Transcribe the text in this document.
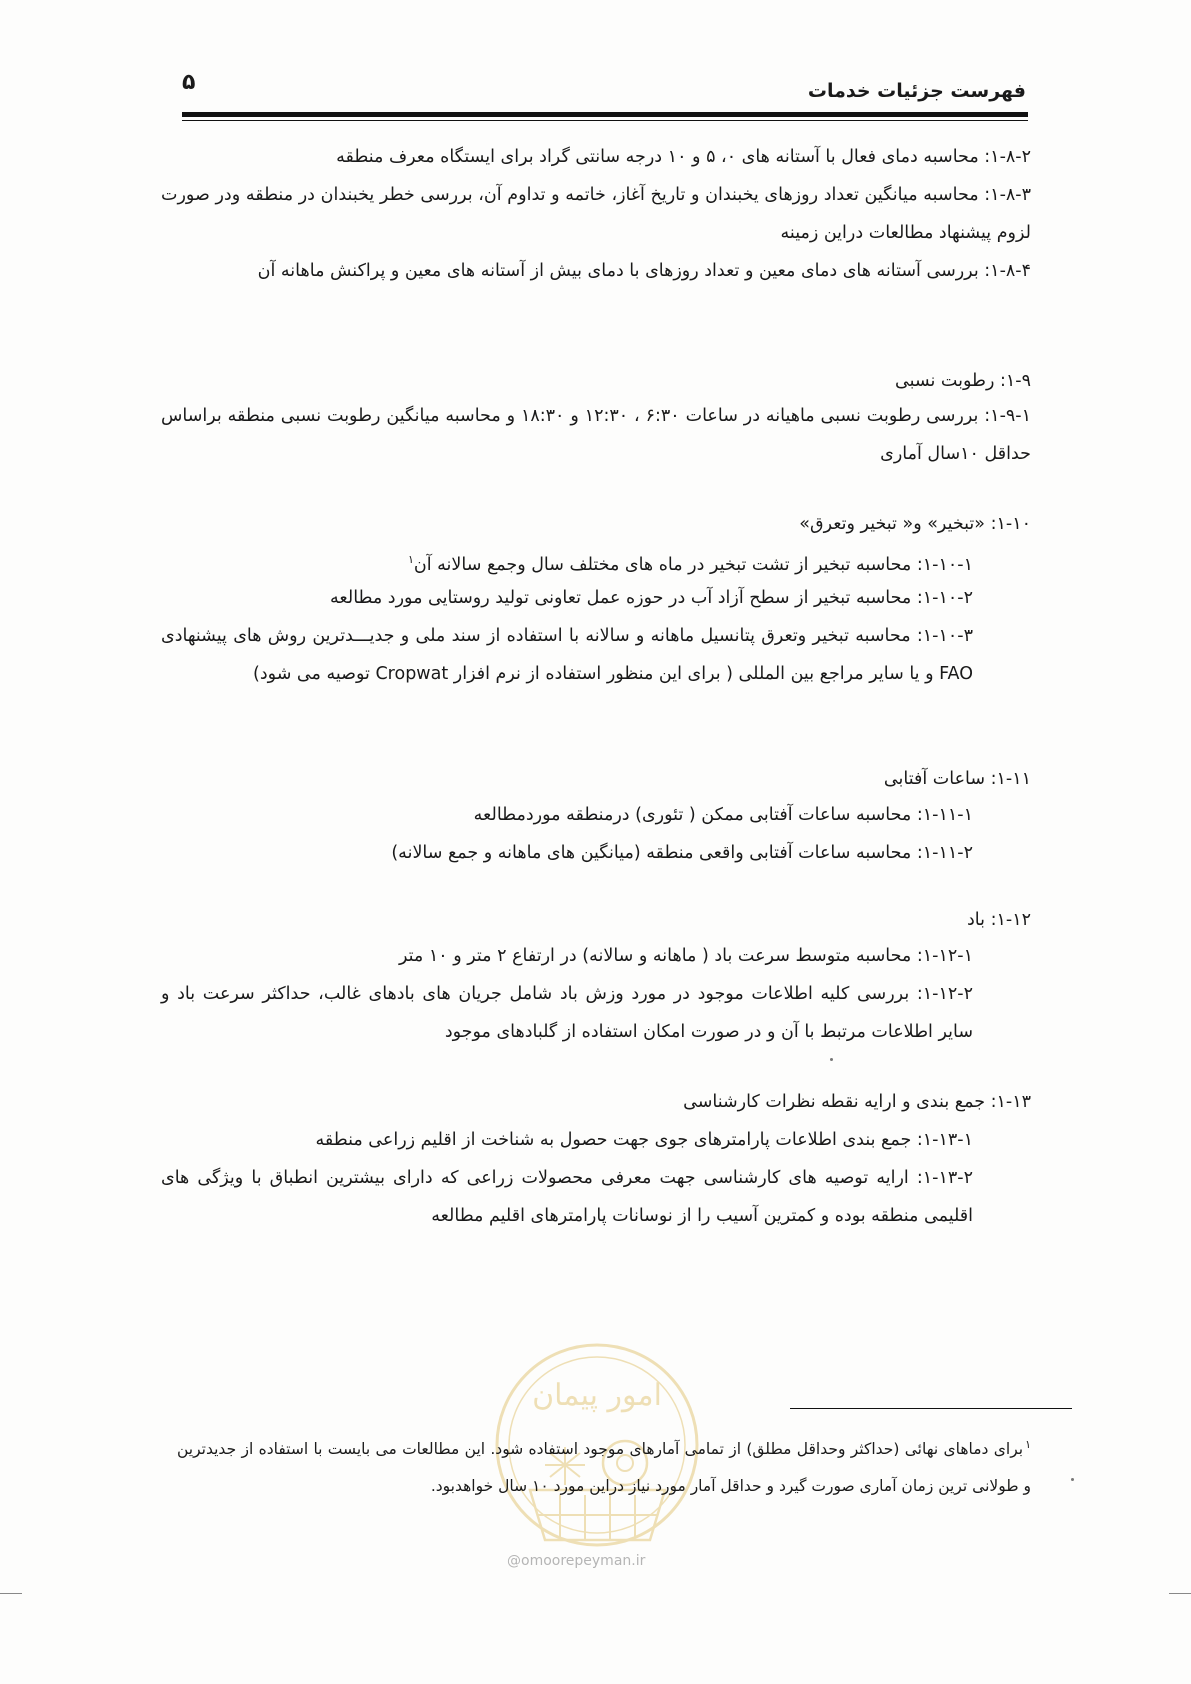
فهرست جزئیات خدمات
۵

۱-۸-۲: محاسبه دمای فعال با آستانه های ۰، ۵ و ۱۰ درجه سانتی گراد برای ایستگاه معرف منطقه

۱-۸-۳: محاسبه میانگین تعداد روزهای یخبندان و تاریخ آغاز، خاتمه و تداوم آن، بررسی خطر یخبندان در منطقه ودر صورت لزوم پیشنهاد مطالعات دراین زمینه

۱-۸-۴: بررسی آستانه های دمای معین و تعداد روزهای با دمای بیش از آستانه های معین و پراکنش ماهانه آن

۱-۹: رطوبت نسبی

۱-۹-۱: بررسی رطوبت نسبی ماهیانه در ساعات ۶:۳۰ ، ۱۲:۳۰ و ۱۸:۳۰ و محاسبه میانگین رطوبت نسبی منطقه براساس حداقل ۱۰سال آماری

۱-۱۰: «تبخیر» و« تبخیر وتعرق»

۱-۱۰-۱: محاسبه تبخیر از تشت تبخیر در ماه های مختلف سال وجمع سالانه آن$^۱$

۱-۱۰-۲: محاسبه تبخیر از سطح آزاد آب در حوزه عمل تعاونی تولید روستایی مورد مطالعه

۱-۱۰-۳: محاسبه تبخیر وتعرق پتانسیل ماهانه و سالانه با استفاده از سند ملی و جدیـــدترین روش های پیشنهادی FAO و یا سایر مراجع بین المللی ( برای این منظور استفاده از نرم افزار Cropwat توصیه می شود)

۱-۱۱: ساعات آفتابی

۱-۱۱-۱: محاسبه ساعات آفتابی ممکن ( تئوری) درمنطقه موردمطالعه

۱-۱۱-۲: محاسبه ساعات آفتابی واقعی منطقه (میانگین های ماهانه و جمع سالانه)

۱-۱۲: باد

۱-۱۲-۱: محاسبه متوسط سرعت باد ( ماهانه و سالانه) در ارتفاع ۲ متر و ۱۰ متر

۱-۱۲-۲: بررسی کلیه اطلاعات موجود در مورد وزش باد شامل جریان های بادهای غالب، حداکثر سرعت باد و سایر اطلاعات مرتبط با آن و در صورت امکان استفاده از گلبادهای موجود

۱-۱۳: جمع بندی و ارایه نقطه نظرات کارشناسی

۱-۱۳-۱: جمع بندی اطلاعات پارامترهای جوی جهت حصول به شناخت از اقلیم زراعی منطقه

۱-۱۳-۲: ارایه توصیه های کارشناسی جهت معرفی محصولات زراعی که دارای بیشترین انطباق با ویژگی های اقلیمی منطقه بوده و کمترین آسیب را از نوسانات پارامترهای اقلیم مطالعه

امور پیمان
$^۱$برای دماهای نهائی (حداکثر وحداقل مطلق) از تمامی آمارهای موجود استفاده شود. این مطالعات می بایست با استفاده از جدیدترین و طولانی ترین زمان آماری صورت گیرد و حداقل آمار مورد نیاز دراین مورد ۱۰ سال خواهدبود.
@omoorepeyman.ir
